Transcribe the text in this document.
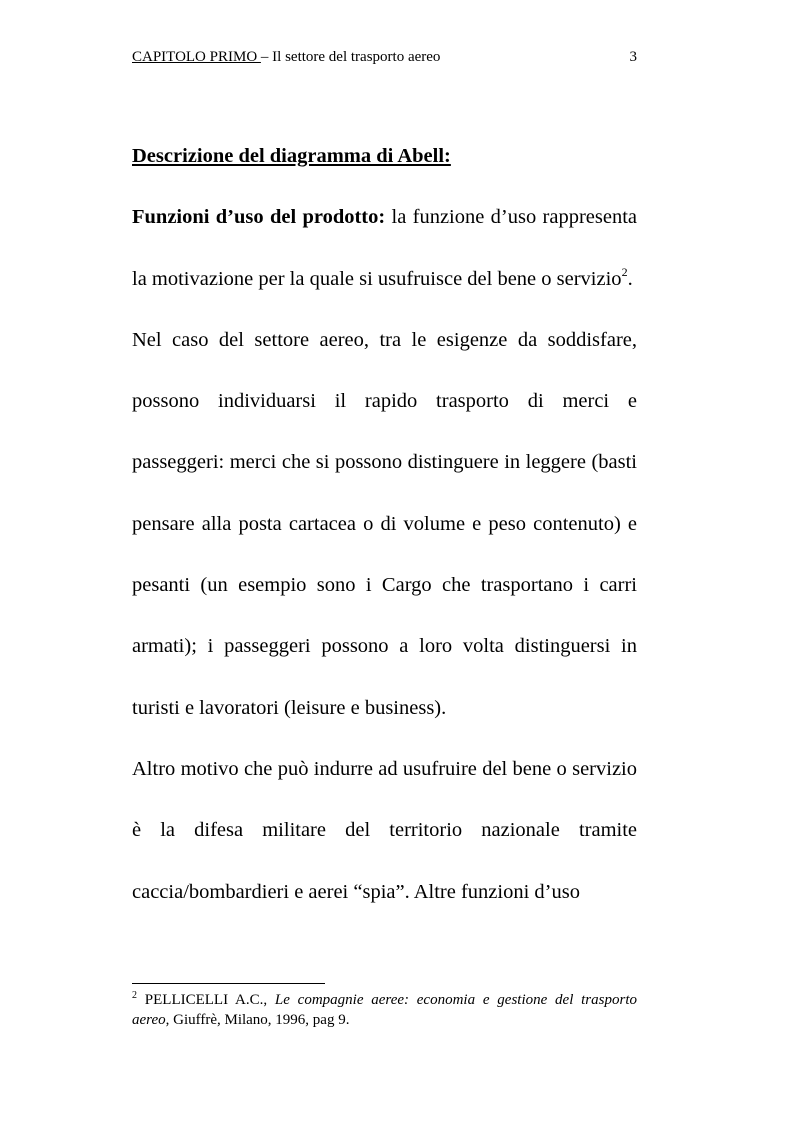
CAPITOLO PRIMO – Il settore del trasporto aereo	3

Descrizione del diagramma di Abell:

Funzioni d’uso del prodotto: la funzione d’uso rappresenta la motivazione per la quale si usufruisce del bene o servizio$^2$.

Nel caso del settore aereo, tra le esigenze da soddisfare, possono individuarsi il rapido trasporto di merci e passeggeri: merci che si possono distinguere in leggere (basti pensare alla posta cartacea o di volume e peso contenuto) e pesanti (un esempio sono i Cargo che trasportano i carri armati); i passeggeri possono a loro volta distinguersi in turisti e lavoratori (leisure e business).

Altro motivo che può indurre ad usufruire del bene o servizio è la difesa militare del territorio nazionale tramite caccia/bombardieri e aerei “spia”. Altre funzioni d’uso

$^2$ PELLICELLI A.C., Le compagnie aeree: economia e gestione del trasporto aereo, Giuffrè, Milano, 1996, pag 9.
